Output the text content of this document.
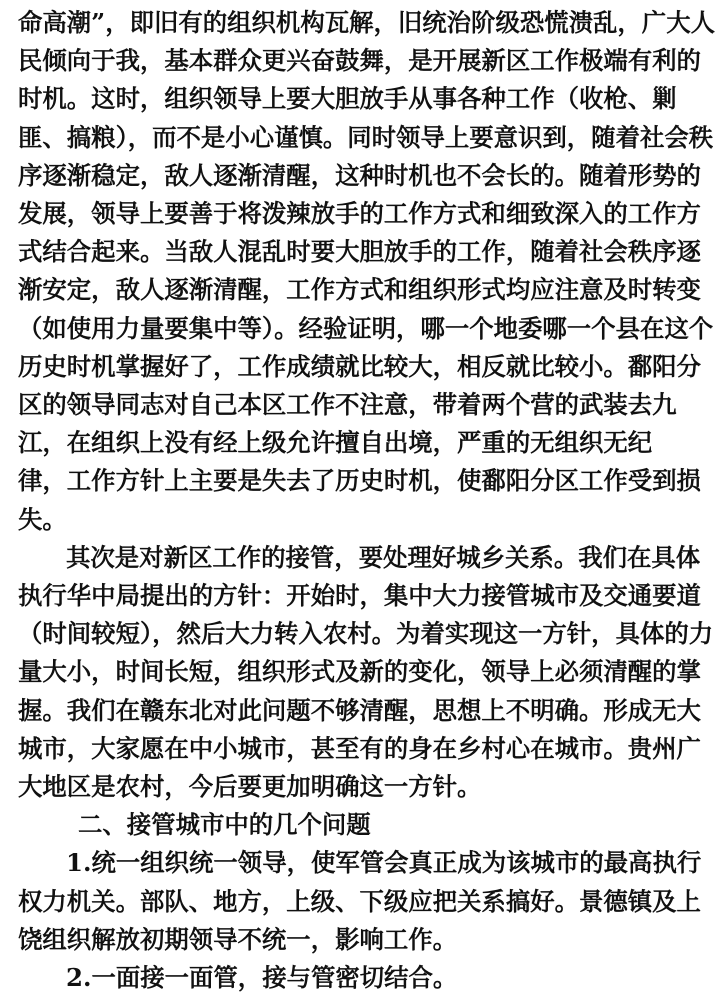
命高潮”，即旧有的组织机构瓦解，旧统治阶级恐慌溃乱，广大人
民倾向于我，基本群众更兴奋鼓舞，是开展新区工作极端有利的
时机。这时，组织领导上要大胆放手从事各种工作（收枪、剿
匪、搞粮），而不是小心谨慎。同时领导上要意识到，随着社会秩
序逐渐稳定，敌人逐渐清醒，这种时机也不会长的。随着形势的
发展，领导上要善于将泼辣放手的工作方式和细致深入的工作方
式结合起来。当敌人混乱时要大胆放手的工作，随着社会秩序逐
渐安定，敌人逐渐清醒，工作方式和组织形式均应注意及时转变
（如使用力量要集中等）。经验证明，哪一个地委哪一个县在这个
历史时机掌握好了，工作成绩就比较大，相反就比较小。鄱阳分
区的领导同志对自己本区工作不注意，带着两个营的武装去九
江，在组织上没有经上级允许擅自出境，严重的无组织无纪
律，工作方针上主要是失去了历史时机，使鄱阳分区工作受到损
失。
其次是对新区工作的接管，要处理好城乡关系。我们在具体
执行华中局提出的方针：开始时，集中大力接管城市及交通要道
（时间较短），然后大力转入农村。为着实现这一方针，具体的力
量大小，时间长短，组织形式及新的变化，领导上必须清醒的掌
握。我们在赣东北对此问题不够清醒，思想上不明确。形成无大
城市，大家愿在中小城市，甚至有的身在乡村心在城市。贵州广
大地区是农村，今后要更加明确这一方针。
二、接管城市中的几个问题
1.统一组织统一领导，使军管会真正成为该城市的最高执行
权力机关。部队、地方，上级、下级应把关系搞好。景德镇及上
饶组织解放初期领导不统一，影响工作。
2.一面接一面管，接与管密切结合。
